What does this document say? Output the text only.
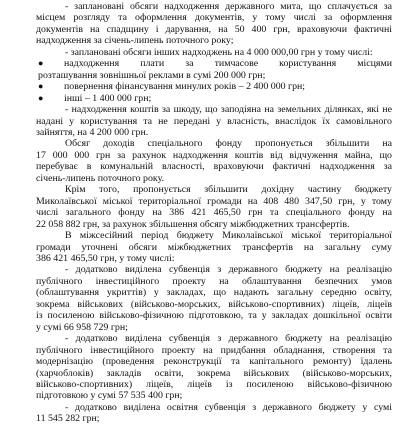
- заплановані обсяги надходження державного мита, що сплачується за
місцем розгляду та оформлення документів, у тому числі за оформлення
документів на спадщину і дарування, на 50 400 грн, враховуючи фактичні
надходження за січень-липень поточного року;
- заплановані обсяги інших надходжень на 4 000 000,00 грн у тому числі:
●	надходження плати за тимчасове користування місцями
розташування зовнішньої реклами в сумі 200 000 грн;
●	повернення фінансування минулих років – 2 400 000 грн;
●	інші – 1 400 000 грн;
- надходження коштів за шкоду, що заподіяна на земельних ділянках, які не
надані у користування та не передані у власність, внаслідок їх самовільного
зайняття, на 4 200 000 грн.
Обсяг доходів спеціального фонду пропонується збільшити на
17 000 000 грн за рахунок надходження коштів від відчуження майна, що
перебуває в комунальній власності, враховуючи фактичні надходження за
січень-липень поточного року.
Крім того, пропонується збільшити дохідну частину бюджету
Миколаївської міської територіальної громади на 408 480 347,50 грн, у тому
числі загального фонду на 386 421 465,50 грн та спеціального фонду на
22 058 882 грн, за рахунок збільшення обсягу міжбюджетних трансфертів.
В міжсесійний період бюджету Миколаївської міської територіальної
громади уточнені обсяги міжбюджетних трансфертів на загальну суму
386 421 465,50 грн, у тому числі:
- додатково виділена субвенція з державного бюджету на реалізацію
публічного інвестиційного проекту на облаштування безпечних умов
(облаштування укриттів) у закладах, що надають загальну середню освіту,
зокрема військових (військово-морських, військово-спортивних) ліцеїв, ліцеїв
із посиленою військово-фізичною підготовкою, та у закладах дошкільної освіти
у сумі 66 958 729 грн;
- додатково виділена субвенція з державного бюджету на реалізацію
публічного інвестиційного проекту на придбання обладнання, створення та
модернізацію (проведення реконструкції та капітального ремонту) їдалень
(харчоблоків) закладів освіти, зокрема військових (військово-морських,
військово-спортивних) ліцеїв, ліцеїв із посиленою військово-фізичною
підготовкою у сумі 57 535 400 грн;
- додатково виділена освітня субвенція з державного бюджету у сумі
11 545 282 грн;
